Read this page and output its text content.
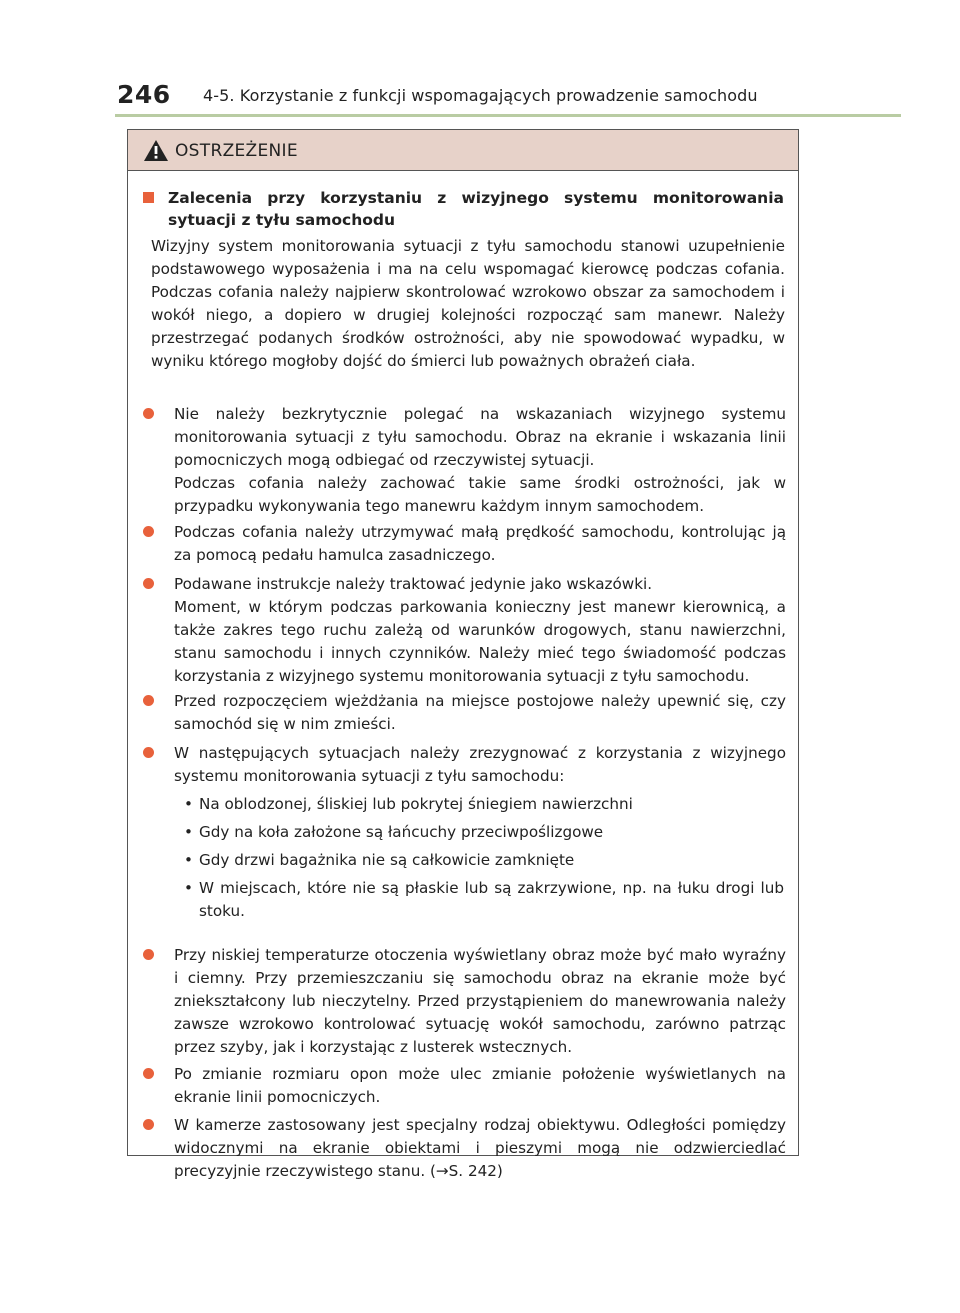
246 4-5. Korzystanie z funkcji wspomagających prowadzenie samochodu
OSTRZEŻENIE
Zalecenia przy korzystaniu z wizyjnego systemu monitorowania sytuacji z tyłu samochodu
Wizyjny system monitorowania sytuacji z tyłu samochodu stanowi uzupełnienie podstawowego wyposażenia i ma na celu wspomagać kierowcę podczas cofania. Podczas cofania należy najpierw skontrolować wzrokowo obszar za samochodem i wokół niego, a dopiero w drugiej kolejności rozpocząć sam manewr. Należy przestrzegać podanych środków ostrożności, aby nie spowodować wypadku, w wyniku którego mogłoby dojść do śmierci lub poważnych obrażeń ciała.
Nie należy bezkrytycznie polegać na wskazaniach wizyjnego systemu monitorowania sytuacji z tyłu samochodu. Obraz na ekranie i wskazania linii pomocniczych mogą odbiegać od rzeczywistej sytuacji.
Podczas cofania należy zachować takie same środki ostrożności, jak w przypadku wykonywania tego manewru każdym innym samochodem.
Podczas cofania należy utrzymywać małą prędkość samochodu, kontrolując ją za pomocą pedału hamulca zasadniczego.
Podawane instrukcje należy traktować jedynie jako wskazówki.
Moment, w którym podczas parkowania konieczny jest manewr kierownicą, a także zakres tego ruchu zależą od warunków drogowych, stanu nawierzchni, stanu samochodu i innych czynników. Należy mieć tego świadomość podczas korzystania z wizyjnego systemu monitorowania sytuacji z tyłu samochodu.
Przed rozpoczęciem wjeżdżania na miejsce postojowe należy upewnić się, czy samochód się w nim zmieści.
W następujących sytuacjach należy zrezygnować z korzystania z wizyjnego systemu monitorowania sytuacji z tyłu samochodu:
• Na oblodzonej, śliskiej lub pokrytej śniegiem nawierzchni
• Gdy na koła założone są łańcuchy przeciwpoślizgowe
• Gdy drzwi bagażnika nie są całkowicie zamknięte
• W miejscach, które nie są płaskie lub są zakrzywione, np. na łuku drogi lub stoku.
Przy niskiej temperaturze otoczenia wyświetlany obraz może być mało wyraźny i ciemny. Przy przemieszczaniu się samochodu obraz na ekranie może być zniekształcony lub nieczytelny. Przed przystąpieniem do manewrowania należy zawsze wzrokowo kontrolować sytuację wokół samochodu, zarówno patrząc przez szyby, jak i korzystając z lusterek wstecznych.
Po zmianie rozmiaru opon może ulec zmianie położenie wyświetlanych na ekranie linii pomocniczych.
W kamerze zastosowany jest specjalny rodzaj obiektywu. Odległości pomiędzy widocznymi na ekranie obiektami i pieszymi mogą nie odzwierciedlać precyzyjnie rzeczywistego stanu. (→S. 242)
